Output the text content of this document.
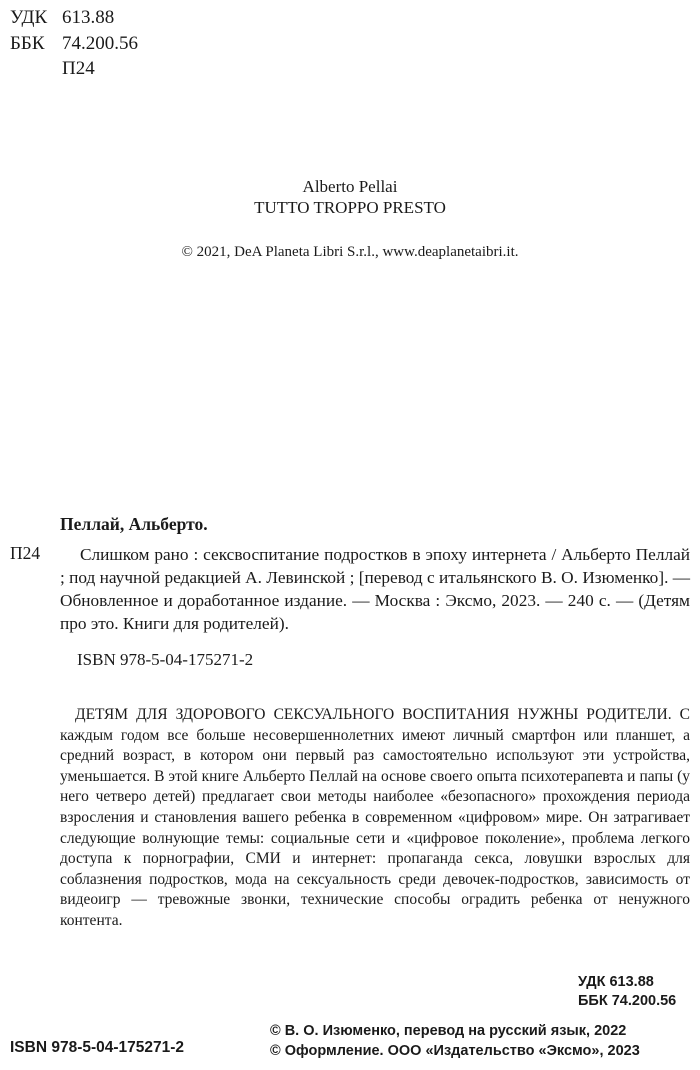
УДК 613.88
ББК 74.200.56
П24
Alberto Pellai
TUTTO TROPPO PRESTO
© 2021, DeA Planeta Libri S.r.l., www.deaplanetaibri.it.
Пеллай, Альберто.
П24	Слишком рано : сексвоспитание подростков в эпоху интернета / Альберто Пеллай ; под научной редакцией А. Левинской ; [перевод с итальянского В. О. Изюменко]. — Обновленное и доработанное издание. — Москва : Эксмо, 2023. — 240 с. — (Детям про это. Книги для родителей).
ISBN 978-5-04-175271-2
ДЕТЯМ ДЛЯ ЗДОРОВОГО СЕКСУАЛЬНОГО ВОСПИТАНИЯ НУЖНЫ РОДИТЕЛИ. С каждым годом все больше несовершеннолетних имеют личный смартфон или планшет, а средний возраст, в котором они первый раз самостоятельно используют эти устройства, уменьшается. В этой книге Альберто Пеллай на основе своего опыта психотерапевта и папы (у него четверо детей) предлагает свои методы наиболее «безопасного» прохождения периода взросления и становления вашего ребенка в современном «цифровом» мире. Он затрагивает следующие волнующие темы: социальные сети и «цифровое поколение», проблема легкого доступа к порнографии, СМИ и интернет: пропаганда секса, ловушки взрослых для соблазнения подростков, мода на сексуальность среди девочек-подростков, зависимость от видеоигр — тревожные звонки, технические способы оградить ребенка от ненужного контента.
УДК 613.88
ББК 74.200.56
ISBN 978-5-04-175271-2
© В. О. Изюменко, перевод на русский язык, 2022
© Оформление. ООО «Издательство «Эксмо», 2023
